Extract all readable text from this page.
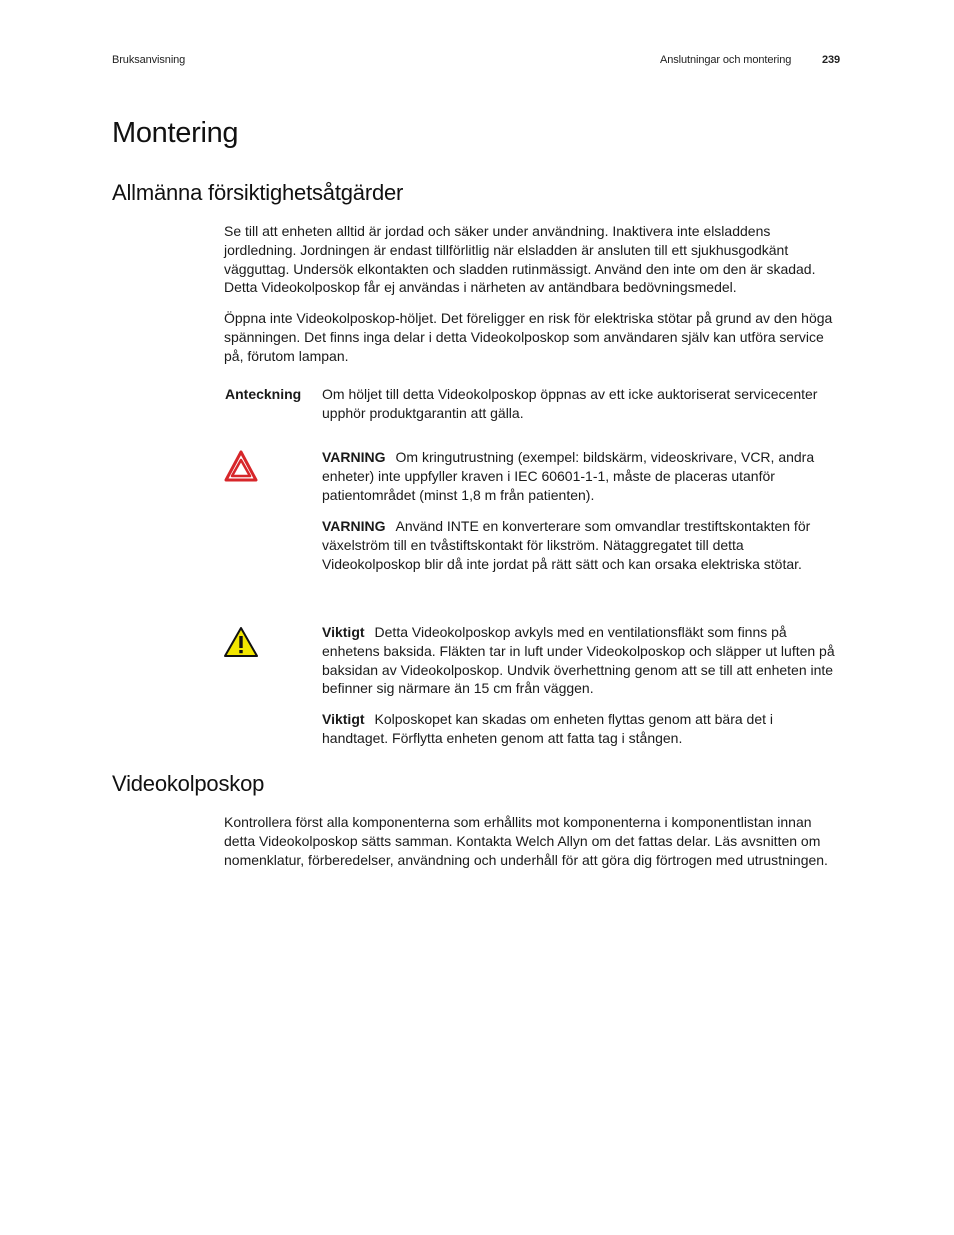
Bruksanvisning	Anslutningar och montering	239
Montering
Allmänna försiktighetsåtgärder

Se till att enheten alltid är jordad och säker under användning. Inaktivera inte elsladdens jordledning. Jordningen är endast tillförlitlig när elsladden är ansluten till ett sjukhusgodkänt vägguttag. Undersök elkontakten och sladden rutinmässigt. Använd den inte om den är skadad. Detta Videokolposkop får ej användas i närheten av antändbara bedövningsmedel.

Öppna inte Videokolposkop-höljet. Det föreligger en risk för elektriska stötar på grund av den höga spänningen. Det finns inga delar i detta Videokolposkop som användaren själv kan utföra service på, förutom lampan.

Anteckning Om höljet till detta Videokolposkop öppnas av ett icke auktoriserat servicecenter upphör produktgarantin att gälla.
VARNING Om kringutrustning (exempel: bildskärm, videoskrivare, VCR, andra enheter) inte uppfyller kraven i IEC 60601-1-1, måste de placeras utanför patientområdet (minst 1,8 m från patienten).
VARNING Använd INTE en konverterare som omvandlar trestiftskontakten för växelström till en tvåstiftskontakt för likström. Nätaggregatet till detta Videokolposkop blir då inte jordat på rätt sätt och kan orsaka elektriska stötar.
Viktigt Detta Videokolposkop avkyls med en ventilationsfläkt som finns på enhetens baksida. Fläkten tar in luft under Videokolposkop och släpper ut luften på baksidan av Videokolposkop. Undvik överhettning genom att se till att enheten inte befinner sig närmare än 15 cm från väggen.
Viktigt Kolposkopet kan skadas om enheten flyttas genom att bära det i handtaget. Förflytta enheten genom att fatta tag i stången.
Videokolposkop

Kontrollera först alla komponenterna som erhållits mot komponenterna i komponentlistan innan detta Videokolposkop sätts samman. Kontakta Welch Allyn om det fattas delar. Läs avsnitten om nomenklatur, förberedelser, användning och underhåll för att göra dig förtrogen med utrustningen.
